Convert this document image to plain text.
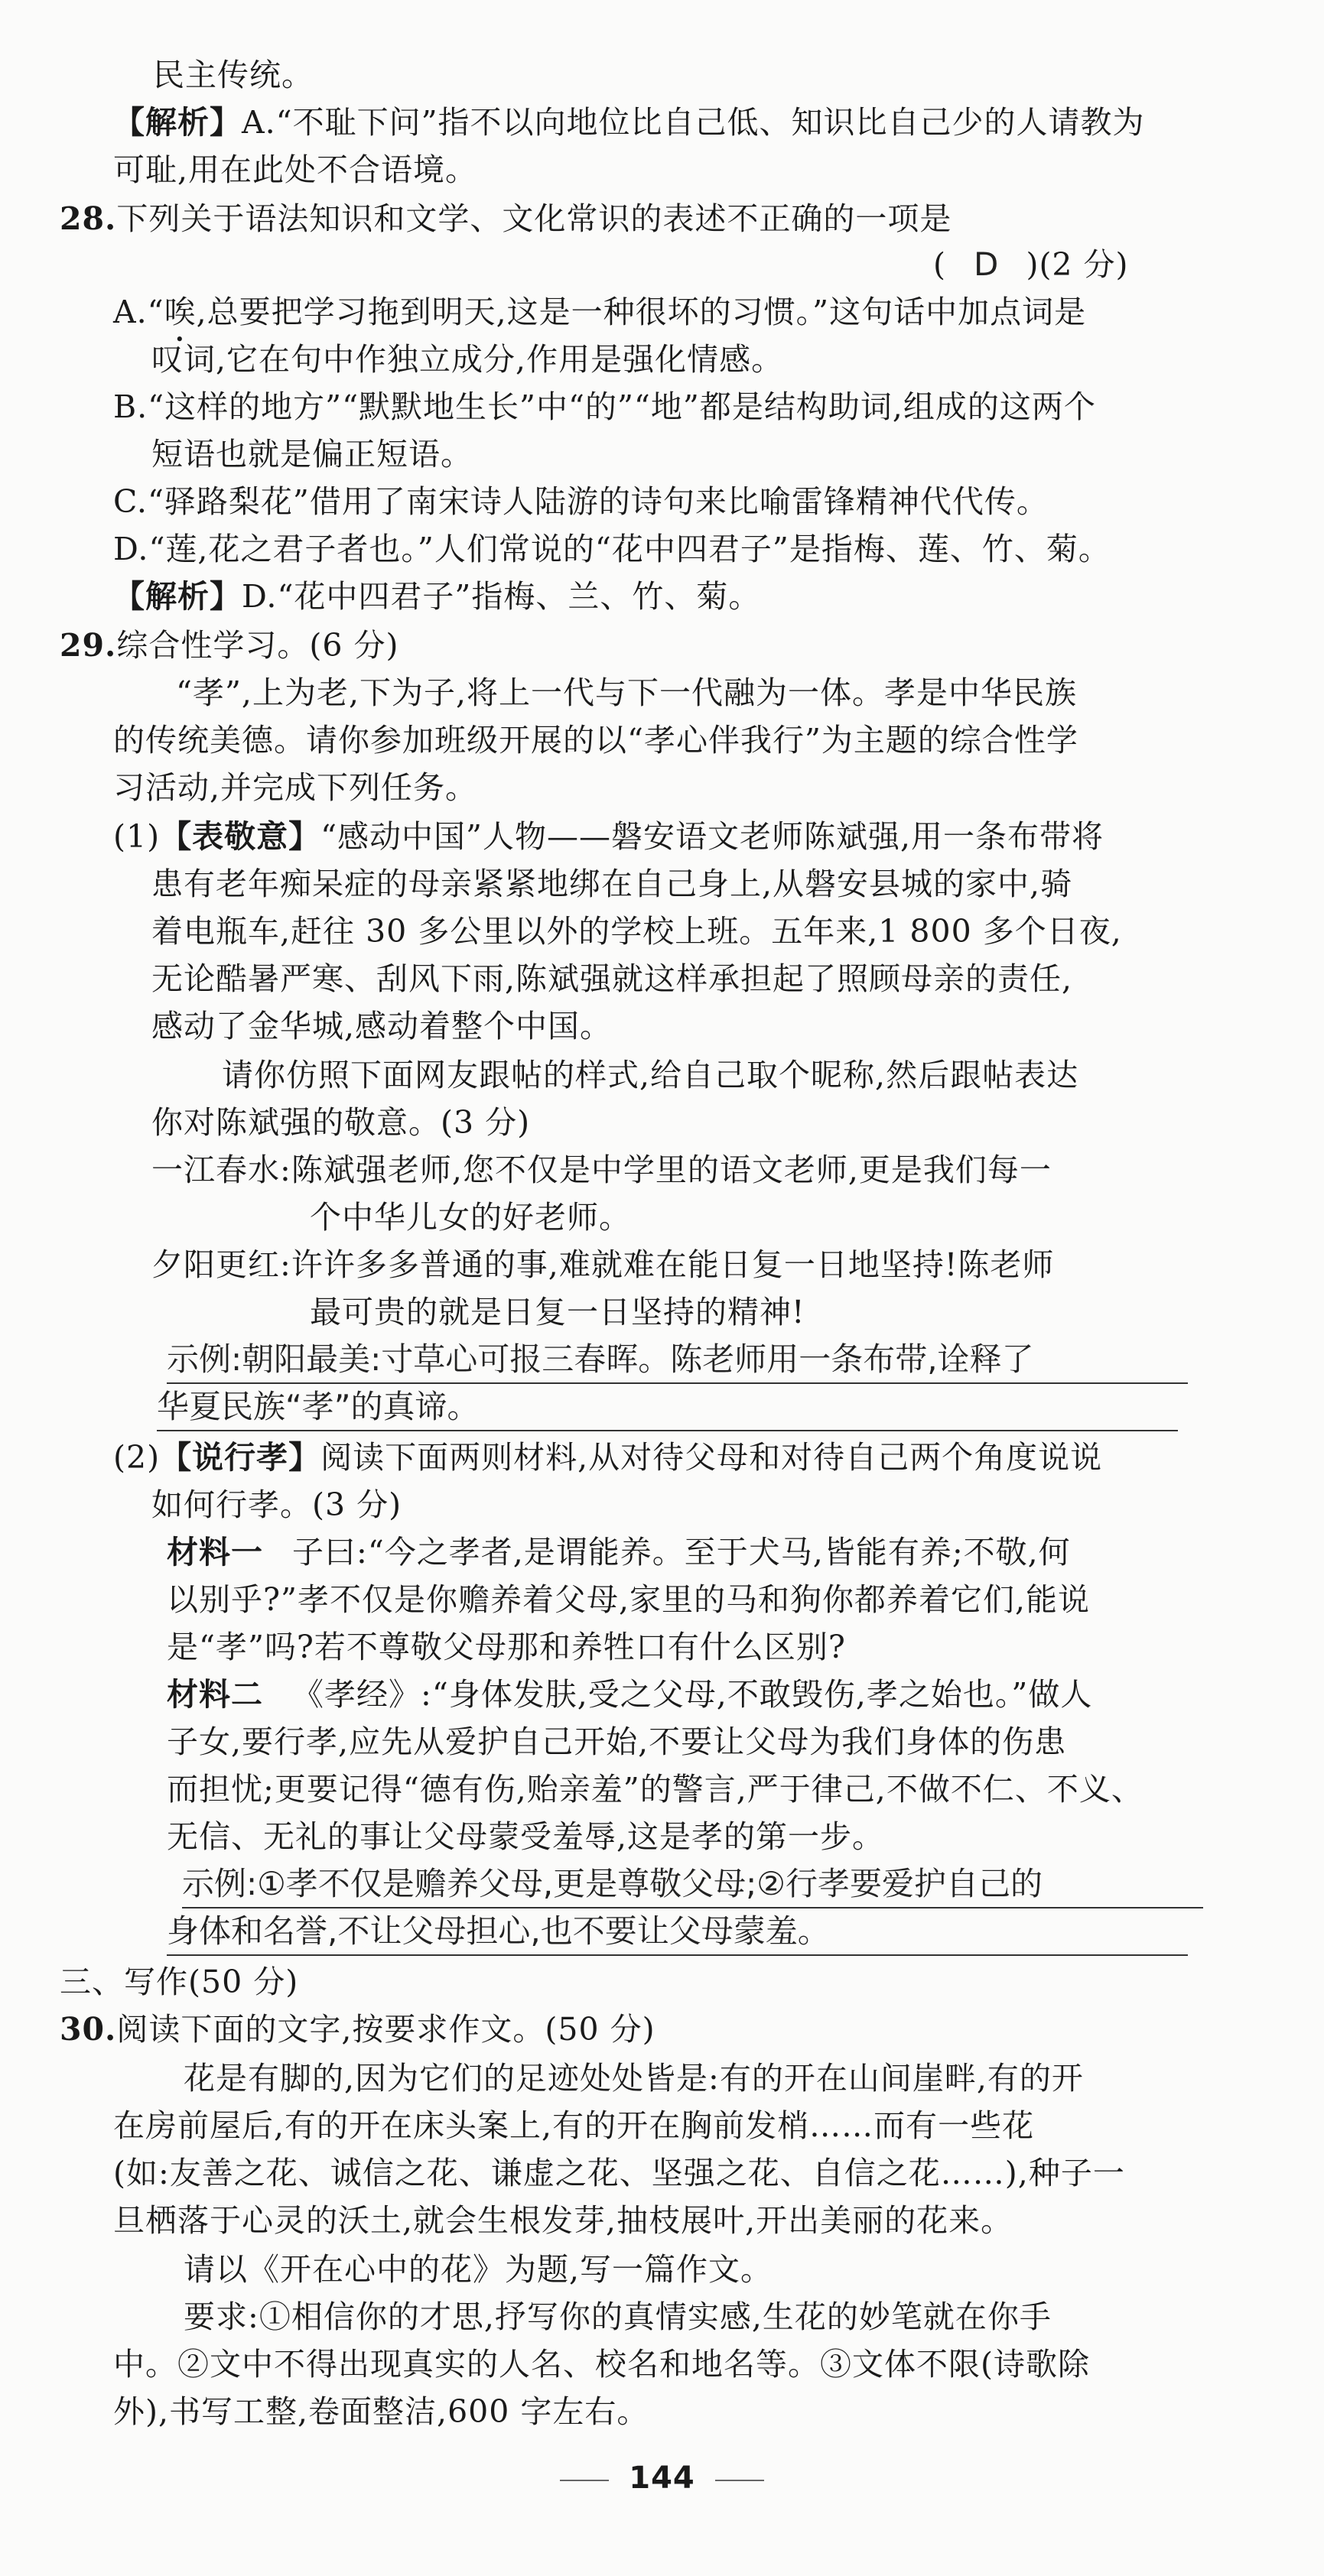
民主传统。
【解析】A.“不耻下问”指不以向地位比自己低、知识比自己少的人请教为
可耻,用在此处不合语境。
28.下列关于语法知识和文学、文化常识的表述不正确的一项是
( D )(2 分)
A.“唉,总要把学习拖到明天,这是一种很坏的习惯。”这句话中加点词是
叹词,它在句中作独立成分,作用是强化情感。
B.“这样的地方”“默默地生长”中“的”“地”都是结构助词,组成的这两个
短语也就是偏正短语。
C.“驿路梨花”借用了南宋诗人陆游的诗句来比喻雷锋精神代代传。
D.“莲,花之君子者也。”人们常说的“花中四君子”是指梅、莲、竹、菊。
【解析】D.“花中四君子”指梅、兰、竹、菊。
29.综合性学习。(6 分)
“孝”,上为老,下为子,将上一代与下一代融为一体。孝是中华民族
的传统美德。请你参加班级开展的以“孝心伴我行”为主题的综合性学
习活动,并完成下列任务。
(1)【表敬意】“感动中国”人物——磐安语文老师陈斌强,用一条布带将
患有老年痴呆症的母亲紧紧地绑在自己身上,从磐安县城的家中,骑
着电瓶车,赶往 30 多公里以外的学校上班。五年来,1 800 多个日夜,
无论酷暑严寒、刮风下雨,陈斌强就这样承担起了照顾母亲的责任,
感动了金华城,感动着整个中国。
请你仿照下面网友跟帖的样式,给自己取个昵称,然后跟帖表达
你对陈斌强的敬意。(3 分)
一江春水:陈斌强老师,您不仅是中学里的语文老师,更是我们每一
个中华儿女的好老师。
夕阳更红:许许多多普通的事,难就难在能日复一日地坚持!陈老师
最可贵的就是日复一日坚持的精神!
示例:朝阳最美:寸草心可报三春晖。陈老师用一条布带,诠释了
华夏民族“孝”的真谛。
(2)【说行孝】阅读下面两则材料,从对待父母和对待自己两个角度说说
如何行孝。(3 分)
材料一 子曰:“今之孝者,是谓能养。至于犬马,皆能有养;不敬,何
以别乎?”孝不仅是你赡养着父母,家里的马和狗你都养着它们,能说
是“孝”吗?若不尊敬父母那和养牲口有什么区别?
材料二 《孝经》:“身体发肤,受之父母,不敢毁伤,孝之始也。”做人
子女,要行孝,应先从爱护自己开始,不要让父母为我们身体的伤患
而担忧;更要记得“德有伤,贻亲羞”的警言,严于律己,不做不仁、不义、
无信、无礼的事让父母蒙受羞辱,这是孝的第一步。
示例:①孝不仅是赡养父母,更是尊敬父母;②行孝要爱护自己的
身体和名誉,不让父母担心,也不要让父母蒙羞。
三、写作(50 分)
30.阅读下面的文字,按要求作文。(50 分)
花是有脚的,因为它们的足迹处处皆是:有的开在山间崖畔,有的开
在房前屋后,有的开在床头案上,有的开在胸前发梢……而有一些花
(如:友善之花、诚信之花、谦虚之花、坚强之花、自信之花……),种子一
旦栖落于心灵的沃土,就会生根发芽,抽枝展叶,开出美丽的花来。
请以《开在心中的花》为题,写一篇作文。
要求:①相信你的才思,抒写你的真情实感,生花的妙笔就在你手
中。②文中不得出现真实的人名、校名和地名等。③文体不限(诗歌除
外),书写工整,卷面整洁,600 字左右。
144
